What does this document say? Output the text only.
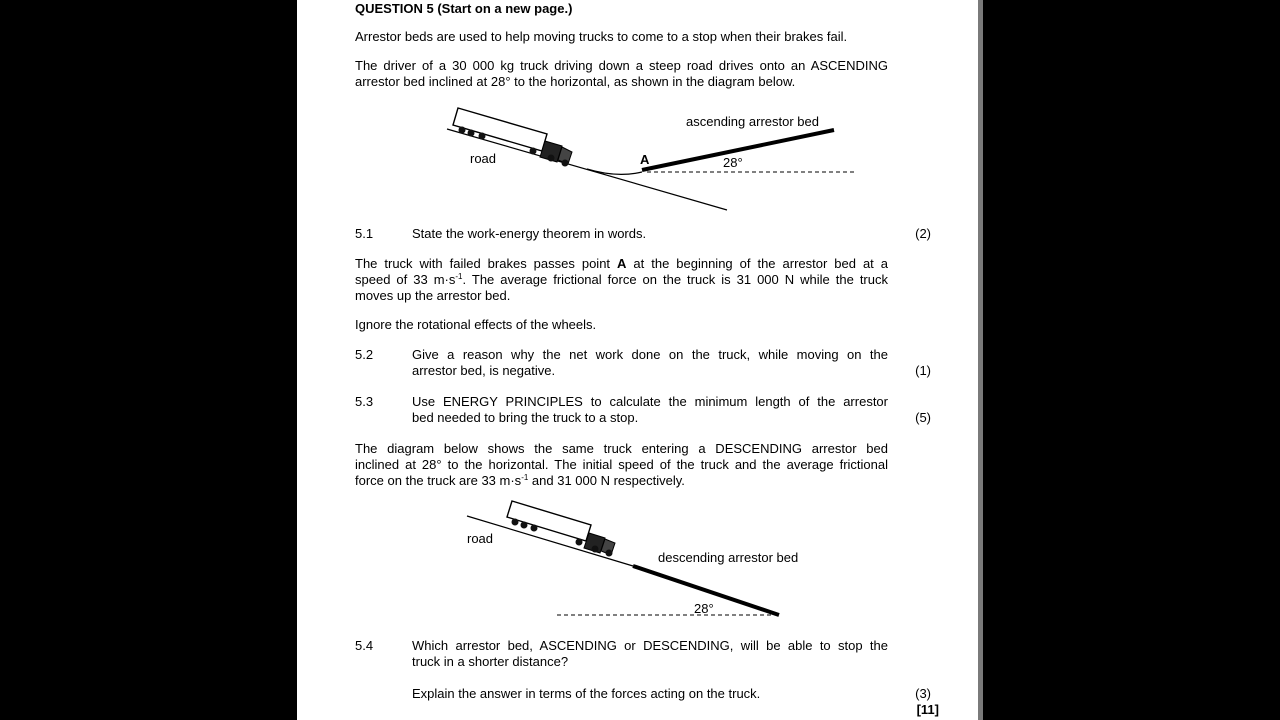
QUESTION 5 (Start on a new page.)
Arrestor beds are used to help moving trucks to come to a stop when their brakes fail.
The driver of a 30 000 kg truck driving down a steep road drives onto an ASCENDING
arrestor bed inclined at 28° to the horizontal, as shown in the diagram below.
ascending arrestor bed
road	A	28°
5.1	State the work-energy theorem in words.	(2)
The truck with failed brakes passes point A at the beginning of the arrestor bed at a
speed of 33 $m\cdot s^{-1}$. The average frictional force on the truck is 31 000 N while the truck
moves up the arrestor bed.
Ignore the rotational effects of the wheels.
5.2	Give a reason why the net work done on the truck, while moving on the
arrestor bed, is negative.	(1)
5.3	Use ENERGY PRINCIPLES to calculate the minimum length of the arrestor
bed needed to bring the truck to a stop.	(5)
The diagram below shows the same truck entering a DESCENDING arrestor bed
inclined at 28° to the horizontal. The initial speed of the truck and the average frictional
force on the truck are 33 $m\cdot s^{-1}$ and 31 000 N respectively.
road
descending arrestor bed
28°
5.4	Which arrestor bed, ASCENDING or DESCENDING, will be able to stop the
truck in a shorter distance?
Explain the answer in terms of the forces acting on the truck.	(3)
[11]
